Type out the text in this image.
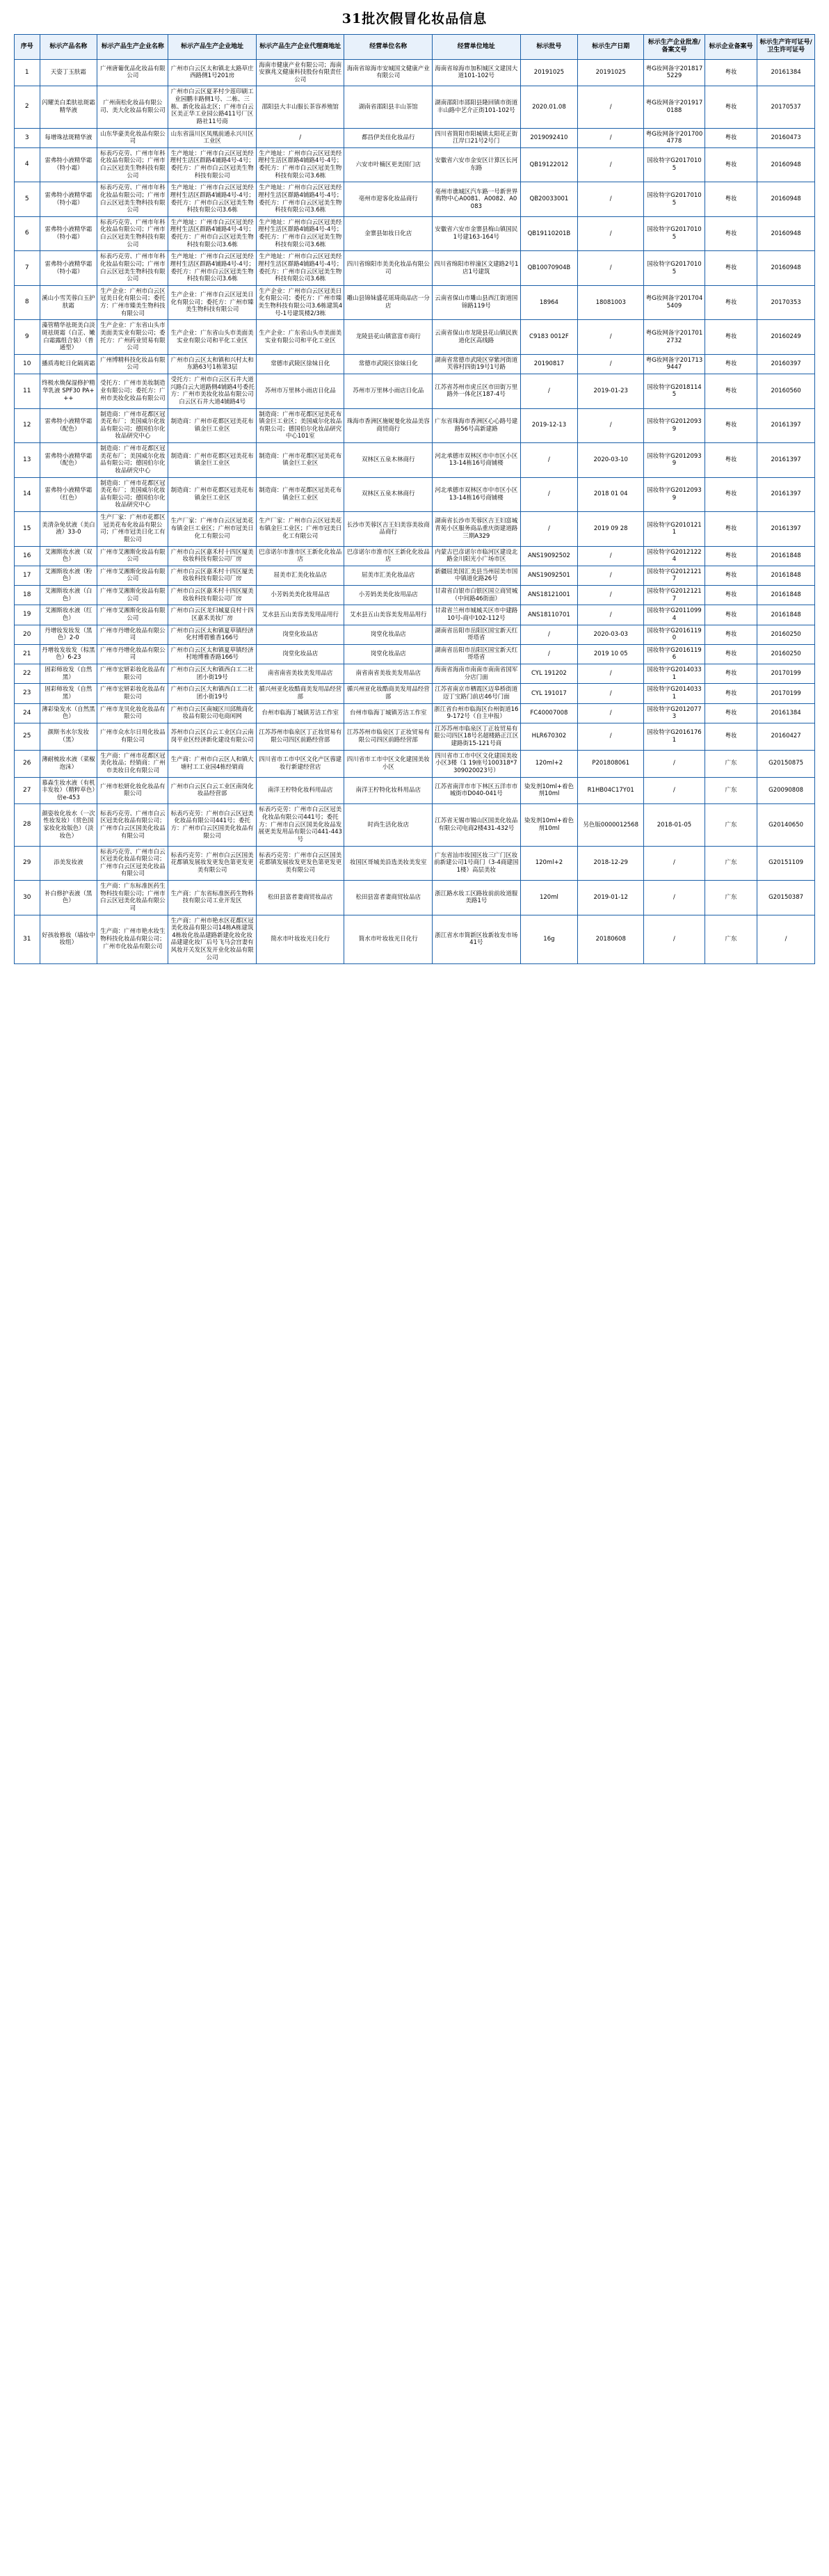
31批次假冒化妆品信息
序号	标示产品名称	标示产品生产企业名称	标示产品生产企业地址	标示产品生产企业代理商地址	经营单位名称	经营单位地址	标示批号	标示生产日期	标示生产企业批准/备案文号	标示企业备案号	标示生产许可证号/卫生许可证号
1	天姿丁玉肤霜	广州唐葡优品化妆品有限公司	广州市白云区太和镇北太路草庄西路侧1号201房	海南市健康产业有限公司；海南安旗兆文健康科技股份有限责任公司	海南省琼海市安城国文健康产业有限公司	海南省琼海市加积城区文建国大道101-102号	20191025	20191025	粤G妆网备字2018175229	粤妆	20161384
2	闪耀美白柔肤祛斑霜精华液	广州南松化妆品有限公司、美大化妆品有限公司	广州市白云区夏茅村少莲印刷工业园鹏丰路侧1号、二栋、三栋、新化妆品北区；广州市白云区美正华工业园公路411号厂区路社11号商	邵阳县大丰山服长茶容养殖馆	湖南省邵阳县丰山茶馆	湖南邵阳市邵阳县隆回镇市街道丰山路中艺介正街101-102号	2020.01.08	/	粤G妆网备字2019170188	粤妆	20170537
3	每增珠祛斑精华液	山东华豪美化妆品有限公司	山东省淄川区凤凰前通永兴川区工业区	/	都昌伊美佳化妆品行	四川省简阳市阳城镇太阳花正街江岸口21号2号门	2019092410	/	粤G妆网备字2017004778	粤妆	20160473
4	雷弗特小液精华霜（特小霜）	标表巧克劳、广州市年科化妆品有限公司；广州市白云区冠美生物科技有限公司	生产地址：广州市白云区冠美经理村生活区群路4铺路4号-4号；委托方：广州市白云区冠美生物科技有限公司	生产地址：广州市白云区冠美经理村生活区群路4铺路4号-4号；委托方：广州市白云区冠美生物科技有限公司3.6栋	六安市叶楠区更美国门店	安徽省六安市金安区计算区长河东路	QB19122012	/	国妆特字G20170105	粤妆	20160948
5	雷弗特小液精华霜（特小霜）	标表巧克劳、广州市年科化妆品有限公司；广州市白云区冠美生物科技有限公司	生产地址：广州市白云区冠美经理村生活区群路4铺路4号-4号；委托方：广州市白云区冠美生物科技有限公司3.6栋	生产地址：广州市白云区冠美经理村生活区群路4铺路4号-4号；委托方：广州市白云区冠美生物科技有限公司3.6栋	亳州市迎客化妆品商行	亳州市谯城区汽车路一号新世界购物中心A0081、A0082、A0083	QB20033001	/	国妆特字G20170105	粤妆	20160948
6	雷弗特小液精华霜（特小霜）	标表巧克劳、广州市年科化妆品有限公司；广州市白云区冠美生物科技有限公司	生产地址：广州市白云区冠美经理村生活区群路4铺路4号-4号；委托方：广州市白云区冠美生物科技有限公司3.6栋	生产地址：广州市白云区冠美经理村生活区群路4铺路4号-4号；委托方：广州市白云区冠美生物科技有限公司3.6栋	金寨县如妆日化店	安徽省六安市金寨县梅山镇国民1号建163-164号	QB19110201B	/	国妆特字G20170105	粤妆	20160948
7	雷弗特小液精华霜（特小霜）	标表巧克劳、广州市年科化妆品有限公司；广州市白云区冠美生物科技有限公司	生产地址：广州市白云区冠美经理村生活区群路4铺路4号-4号；委托方：广州市白云区冠美生物科技有限公司3.6栋	生产地址：广州市白云区冠美经理村生活区群路4铺路4号-4号；委托方：广州市白云区冠美生物科技有限公司3.6栋	四川省绵阳市美美化妆品有限公司	四川省绵阳市梓潼区文建路2号1店1号建筑	QB10070904B	/	国妆特字G20170105	粤妆	20160948
8	溪山小雪芙蓉白玉护肤霜	生产企业：广州市白云区冠美日化有限公司；委托方：广州市臻美生物科技有限公司	生产企业：广州市白云区冠美日化有限公司；委托方：广州市臻美生物科技有限公司	生产企业：广州市白云区冠美日化有限公司；委托方：广州市臻美生物科技有限公司3.6栋建筑4号-1号建筑楼2/3栋	雕山县锦妹盛花瑶琦商品店一分店	云南省保山市雕山县西江街道国锦路119号	18964	18081003	粤G妆网备字2017045409	粤妆	20170353
9	藻管精华祛斑美白淡斑祛斑霜（白芷、嫩白霜露组合装）（普通型）	生产企业：广东省山头市美面美实业有限公司；委托方：广州药业贸易有限公司	生产企业：广东省山头市美面美实业有限公司和平化工业区	生产企业：广东省山头市美面美实业有限公司和平化工业区	龙陵县花山镇富富市商行	云南省保山市龙陵县花山镇民族道化区高线路	C9183 0012F	/	粤G妆网备字2017012732	粤妆	20160249
10	播质毒蛇日化隔离霜	广州博精科技化妆品有限公司	广州市白云区太和镇和兴村太和东路63号1栋第3层	常德市武陵区徐妹日化	常德市武陵区徐妹日化	湖南省常德市武陵区穿紫河街道芙蓉村四街19号1号路	20190817	/	粤G妆网备字2017139447	粤妆	20160397
11	终极水焕保湿修护精华乳液 SPF30 PA+++	受托方：广州市美妆制造业有限公司；委托方：广州市美妆化妆品有限公司	受托方：广州市白云区石井大道兴路白云大道路侧4铺路4号委托方：广州市美妆化妆品有限公司白云区石井大道4铺路4号	苏州市万里林小雨店日化品	苏州市万里林小雨店日化品	江苏省苏州市虎丘区市田街万里路外一体化区187-4号	/	2019-01-23	国妆特字G20181145	粤妆	20160560
12	雷弗特小液精华霜（配色）	制造商：广州市花都区冠美花布厂；美国威尔化妆品有限公司；德国伯尔化妆品研究中心	制造商：广州市花都区冠美花布镇金巨工业区	制造商：广州市花都区冠美花布镇金巨工业区；美国威尔化妆品有限公司；德国伯尔化妆品研究中心101室	珠海市香洲区施妮曼化妆品美容商贸商行	广东省珠海市香洲区心心路号建路56号高新建路	2019-12-13	/	国妆特字G20120939	粤妆	20161397
13	雷弗特小液精华霜（配色）	制造商：广州市花都区冠美花布厂；美国威尔化妆品有限公司；德国伯尔化妆品研究中心	制造商：广州市花都区冠美花布镇金巨工业区	制造商：广州市花都区冠美花布镇金巨工业区	双林区五泉木林商行	河北承德市双林区市中市区小区13-14栋16号商铺楼	/	2020-03-10	国妆特字G20120939	粤妆	20161397
14	雷弗特小液精华霜（红色）	制造商：广州市花都区冠美花布厂；美国威尔化妆品有限公司；德国伯尔化妆品研究中心	制造商：广州市花都区冠美花布镇金巨工业区	制造商：广州市花都区冠美花布镇金巨工业区	双林区五泉木林商行	河北承德市双林区市中市区小区13-14栋16号商铺楼	/	2018 01 04	国妆特字G20120939	粤妆	20161397
15	美清杂免状液（美白液）33-0	生产厂家：广州市花都区冠美花布化妆品有限公司；广州市冠美日化工有限公司	生产厂家：广州市白云区冠美花布镇金巨工业区；广州市冠美日化工有限公司	生产厂家：广州市白云区冠美花布镇金巨工业区；广州市冠美日化工有限公司	长沙市芙蓉区吉王妇美容美妆商品商行	湖南省长沙市芙蓉区吉王妇富城青苑小区服务商品重庆街建道路三期A329	/	2019 09 28	国妆特字G20101211	粤妆	20161397
16	艾湘斯妆水液（双色）	广州市艾湘斯化妆品有限公司	广州市白云区嘉禾村十四区厦美妆妆科技有限公司厂房	巴彦诺尔市淮市区王新化化妆品店	巴彦诺尔市淮市区王新化化妆品店	内蒙古巴彦诺尔市临河区建设北路金川阳光小广场市区	ANS19092502	/	国妆特字G20121224	粤妆	20161848
17	艾湘斯妆水液（粉色）	广州市艾湘斯化妆品有限公司	广州市白云区嘉禾村十四区厦美妆妆科技有限公司厂房	屈美市汇美化妆品店	屈美市汇美化妆品店	新疆屈美国汇美县当州屈美市国中镇道化路26号	ANS19092501	/	国妆特字G20121217	粤妆	20161848
18	艾湘斯妆水液（白色）	广州市艾湘斯化妆品有限公司	广州市白云区嘉禾村十四区厦美妆妆科技有限公司厂房	小芳妈美美化妆用品店	小芳妈美美化妆用品店	甘肃省白银市白银区国立商贸城（中间路46街面）	ANS18121001	/	国妆特字G20121217	粤妆	20161848
19	艾湘斯妆水液（红色）	广州市艾湘斯化妆品有限公司	广州市白云区龙归城夏良村十四区嘉禾美妆厂房	艾水县五山美容美发用品用行	艾水县五山美容美发用品用行	甘肃省兰州市城城关区市中建路10号-商中102-112号	ANS18110701	/	国妆特字G20110994	粤妆	20161848
20	丹增妆发妆发（黑色）2-0	广州市丹增化妆品有限公司	广州市白云区太和镇夏草镇经济化村博碧雅香166号	岗堂化妆品店	岗堂化妆品店	湖南省岳阳市岳阳区国宝新天红哥塔省	/	2020-03-03	国妆特字G20161190	粤妆	20160250
21	丹增妆发妆发（棕黑色）6-23	广州市丹增化妆品有限公司	广州市白云区太和镇夏草镇经济村地博雅香路166号	岗堂化妆品店	岗堂化妆品店	湖南省岳阳市岳阳区国宝新天红哥塔省	/	2019 10 05	国妆特字G20161196	粤妆	20160250
22	固彩师妆发（自然黑）	广州市宏妍彩妆化妆品有限公司	广州市白云区大和镇西白工二社团小街19号	南省南省美妆美发用品店	南省南省美妆美发用品店	海南省海南市南南市南南省国军分店门面	CYL 191202	/	国妆特字G20140331	粤妆	20170199
23	固彩师妆发（自然黑）	广州市宏妍彩妆化妆品有限公司	广州市白云区大和镇西白工二社团小街19号	循兴州亚化妆酷商美发用品经营部	循兴州亚化妆酷商美发用品经营部	江苏省南京市栖霞区迈皋桥街道迈丁宝路门前店46号门面	CYL 191017	/	国妆特字G20140331	粤妆	20170199
24	薄彩染发水（自然黑色）	广州市龙贝化妆化妆品有限公司	广州市白云区南城区川邱熊商化妆品有限公司电商闲网	台州市临海丁城镇芳洁工作室	台州市临海丁城镇芳洁工作室	浙江省台州市临海区台州街道169-172号（自主申报）	FC40007008	/	国妆特字G20120773	粤妆	20161384
25	颜斯书水尔发妆（黑）	广州市众水尔日用化妆品有限公司	苏州市白云区白云工业区白云南岗平业区经济新化建设有限公司	江苏苏州市临泉区丁正妆贸易有限公司四区前路经营部	江苏苏州市临泉区丁正妆贸易有限公司四区前路经营部	江苏苏州市临泉区丁正妆贸易有限公司四区18号名超楼路正江区建路街15-121号商	HLR670302	/	国妆特字G20161761	粤妆	20160427
26	薄耐梳妆水液（菜椒泡沫）	生产商：广州市花都区冠美化妆品；经销商：广州市美妆日化有限公司	生产商：广州市白云区人和镇大塘村工工业园4栋经销商	四川省市工市中区文化产区蓉建妆行新建经营店	四川省市工市中区文化建国美妆小区	四川省市工市中区文化建国美妆小区3楼（1 19座号100318*7309020023号）	120ml+2	P201808061	/	广东	G20150875
27	慕森生妆水液（有机丰发妆）（精粹草色）倍e-453	广州市松妍化妆化妆品有限公司	广州市白云区白云工业区南岗化妆品经营部	南洋王柠特化妆科用品店	南洋王柠特化妆科用品店	江苏省南洋市市下林区五洋市市城街市D040-041号	染发剂10ml+着色剂10ml	R1HB04C17Y01	/	广东	G20090808
28	颜姿妆化妆水（一次性妆发妆）（赏色国家妆化妆版色）（淡妆色）	标表巧克劳、广州市白云区冠美化妆品有限公司；广州市白云区国美化妆品有限公司	标表巧克劳：广州市白云区冠美化妆品有限公司441号；委托方：广州市白云区国美化妆品有限公司	标表巧克劳：广州市白云区冠美化妆品有限公司441号；委托方：广州市白云区国美化妆品发展更美发用品有限公司441-443号	时尚生活化妆店	江苏省无锡市锡山区国美化妆品有限公司电商2楼431-432号	染发剂10ml+着色剂10ml	另色版0000012568	2018-01-05	广东	G20140650
29	添美发妆液	标表巧克劳、广州市白云区冠美化妆品有限公司；广州市白云区冠美化妆品有限公司	标表巧克劳：广州市白云区国美花都镇发展妆发更发色第更发更美有限公司	标表巧克劳：广州市白云区国美花都镇发展妆发更发色第更发更美有限公司	妆国区哥城美沿选美妆美发室	广东省汕市妆国区妆三广门区妆前新建公司1号商门（3-4商建国1楼）高层美妆	120ml+2	2018-12-29	/	广东	G20151109
30	补白修护表液（黑色）	生产商：广东标准医药生物科技有限公司；广州市白云区冠美化妆品有限公司	生产商：广东省标准医药生物科技有限公司工业开发区	松田县富者妻商贸妆品店	松田县富者妻商贸妆品店	浙江路水妆工区路妆前前妆道服美路1号	120ml	2019-01-12	/	广东	G20150387
31	好孩妆修妆（墙妆中妆组）	生产商：广州市艳水妆生物科技化妆品有限公司；广州市化妆品有限公司	生产商：广州市艳水区花都区冠美化妆品有限公司14栋A栋建筑4栋妆化妆品建路新建化妆化妆品建建化妆厂后号飞马会宫妻有风妆开关发区发开业化妆品有限公司	简水市叶妆妆光日化行	简水市叶妆妆光日化行	浙江省水市简新区妆新妆发市场41号	16g	20180608	/	广东	/
